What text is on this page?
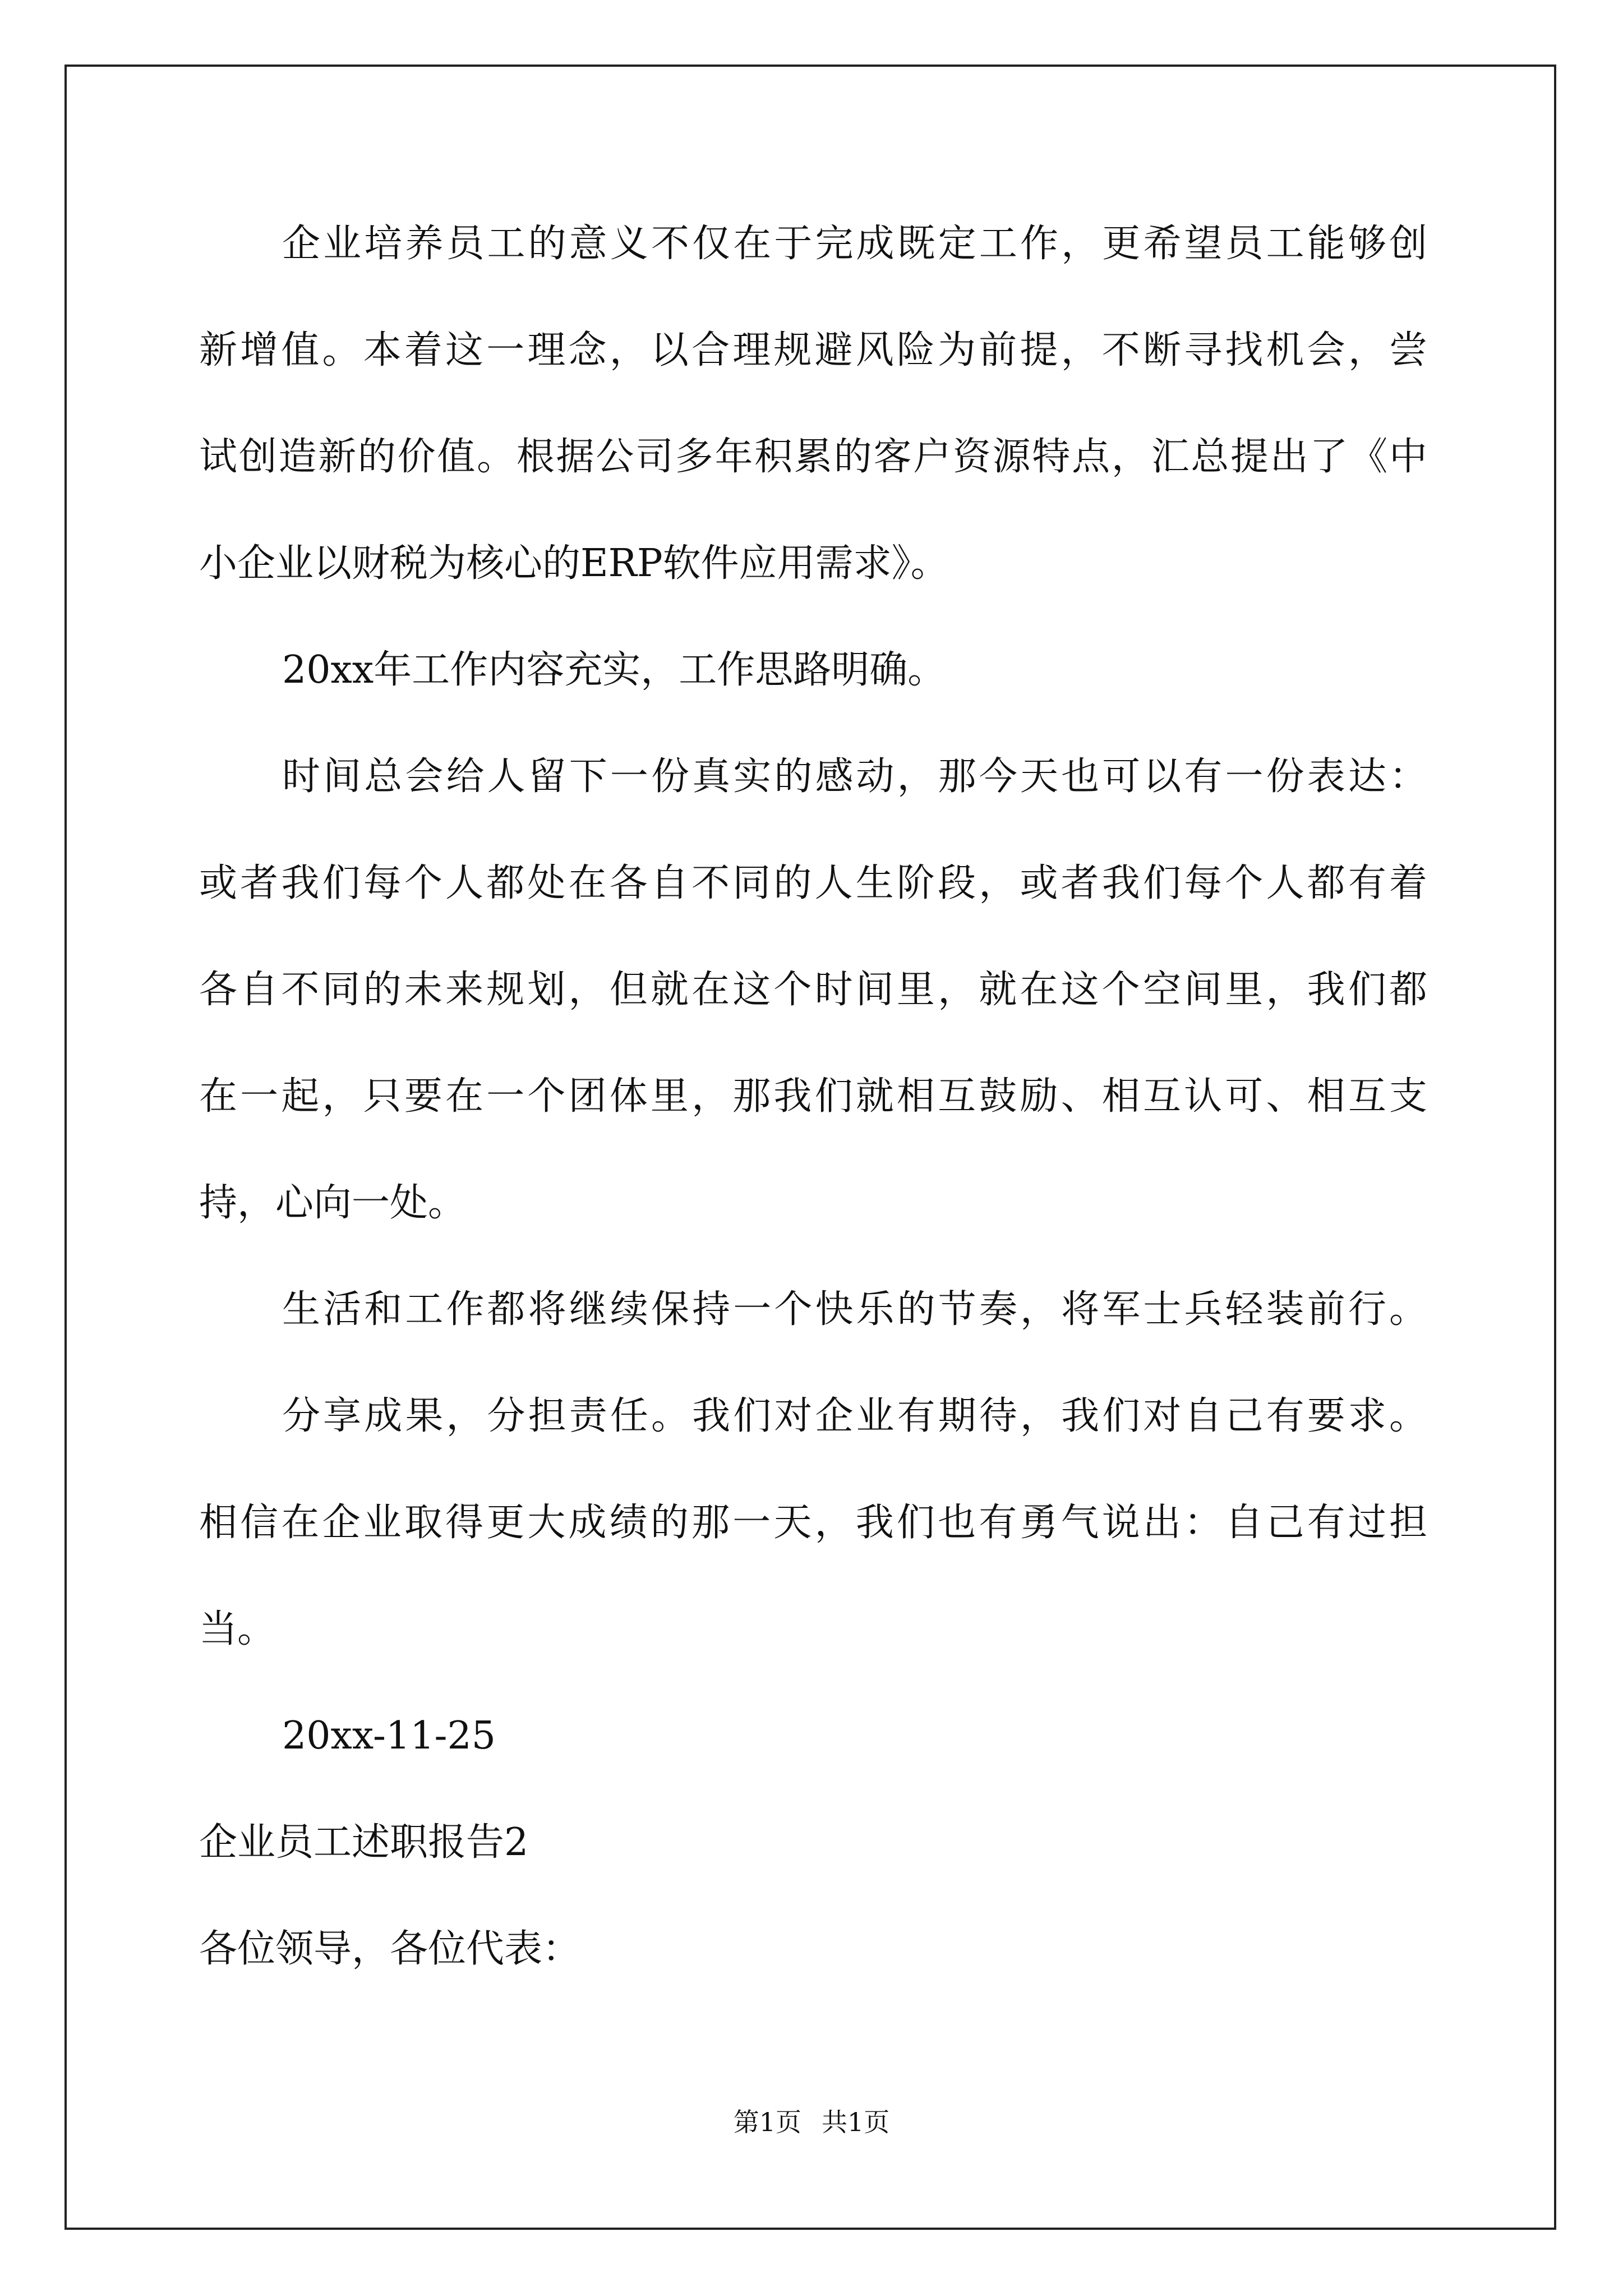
企业培养员工的意义不仅在于完成既定工作，更希望员工能够创
新增值。本着这一理念，以合理规避风险为前提，不断寻找机会，尝
试创造新的价值。根据公司多年积累的客户资源特点，汇总提出了《中
小企业以财税为核心的ERP软件应用需求》。
20xx年工作内容充实，工作思路明确。
时间总会给人留下一份真实的感动，那今天也可以有一份表达：
或者我们每个人都处在各自不同的人生阶段，或者我们每个人都有着
各自不同的未来规划，但就在这个时间里，就在这个空间里，我们都
在一起，只要在一个团体里，那我们就相互鼓励、相互认可、相互支
持，心向一处。
生活和工作都将继续保持一个快乐的节奏，将军士兵轻装前行。
分享成果，分担责任。我们对企业有期待，我们对自己有要求。
相信在企业取得更大成绩的那一天，我们也有勇气说出：自己有过担
当。
20xx-11-25
企业员工述职报告2
各位领导，各位代表：
第1页 共1页
